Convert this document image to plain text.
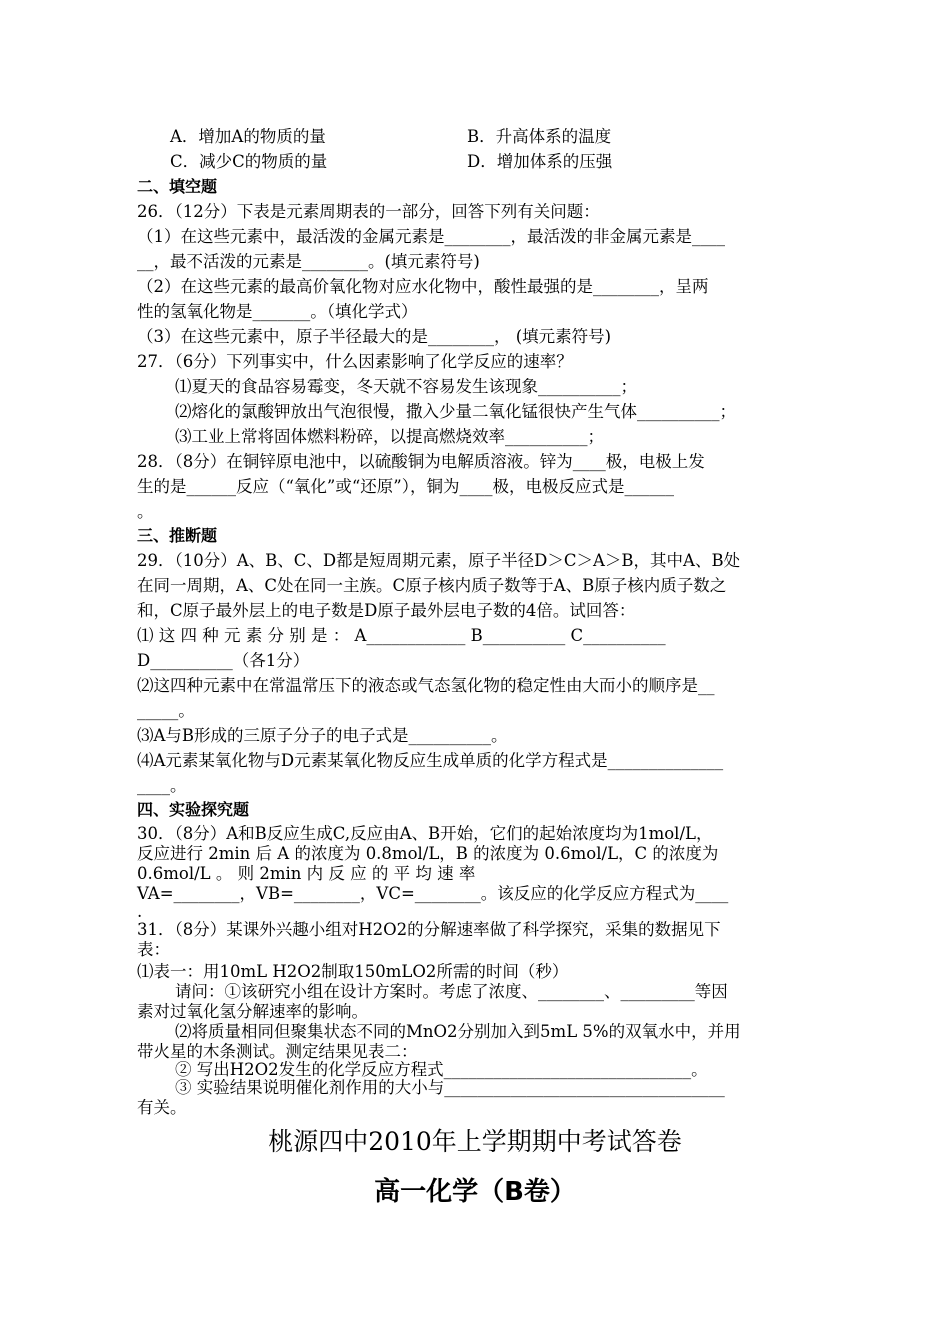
A．增加A的物质的量	B．升高体系的温度
C．减少C的物质的量	D．增加体系的压强
二、填空题
26．（12分）下表是元素周期表的一部分，回答下列有关问题：
（1）在这些元素中，最活泼的金属元素是________，最活泼的非金属元素是____
__，最不活泼的元素是________。(填元素符号)
（2）在这些元素的最高价氧化物对应水化物中，酸性最强的是________，呈两
性的氢氧化物是_______。（填化学式）
（3）在这些元素中，原子半径最大的是________， (填元素符号)
27．（6分）下列事实中，什么因素影响了化学反应的速率？
⑴夏天的食品容易霉变，冬天就不容易发生该现象__________；
⑵熔化的氯酸钾放出气泡很慢，撒入少量二氧化锰很快产生气体__________；
⑶工业上常将固体燃料粉碎，以提高燃烧效率__________；
28．（8分）在铜锌原电池中，以硫酸铜为电解质溶液。锌为____极，电极上发
生的是______反应（“氧化”或“还原”），铜为____极，电极反应式是______
。
三、推断题
29．（10分）A、B、C、D都是短周期元素，原子半径D＞C＞A＞B，其中A、B处
在同一周期，A、C处在同一主族。C原子核内质子数等于A、B原子核内质子数之
和，C原子最外层上的电子数是D原子最外层电子数的4倍。试回答：
⑴ 这 四 种 元 素 分 别 是 ： A____________ B__________ C__________
D__________（各1分）
⑵这四种元素中在常温常压下的液态或气态氢化物的稳定性由大而小的顺序是__
_____。
⑶A与B形成的三原子分子的电子式是__________。
⑷A元素某氧化物与D元素某氧化物反应生成单质的化学方程式是______________
____。
四、实验探究题
30．（8分）A和B反应生成C,反应由A、B开始，它们的起始浓度均为1mol/L，
反应进行 2min 后 A 的浓度为 0.8mol/L，B 的浓度为 0.6mol/L，C 的浓度为
0.6mol/L 。 则 2min 内 反 应 的 平 均 速 率
VA=________，VB=________，VC=________。该反应的化学反应方程式为____
.
31．（8分）某课外兴趣小组对H2O2的分解速率做了科学探究，采集的数据见下
表：
⑴表一：用10mL H2O2制取150mLO2所需的时间（秒）
请问：①该研究小组在设计方案时。考虑了浓度、________、_________等因
素对过氧化氢分解速率的影响。
⑵将质量相同但聚集状态不同的MnO2分别加入到5mL 5%的双氧水中，并用
带火星的木条测试。测定结果见表二：
② 写出H2O2发生的化学反应方程式______________________________。
③ 实验结果说明催化剂作用的大小与__________________________________
有关。
桃源四中2010年上学期期中考试答卷
高一化学（B卷）
